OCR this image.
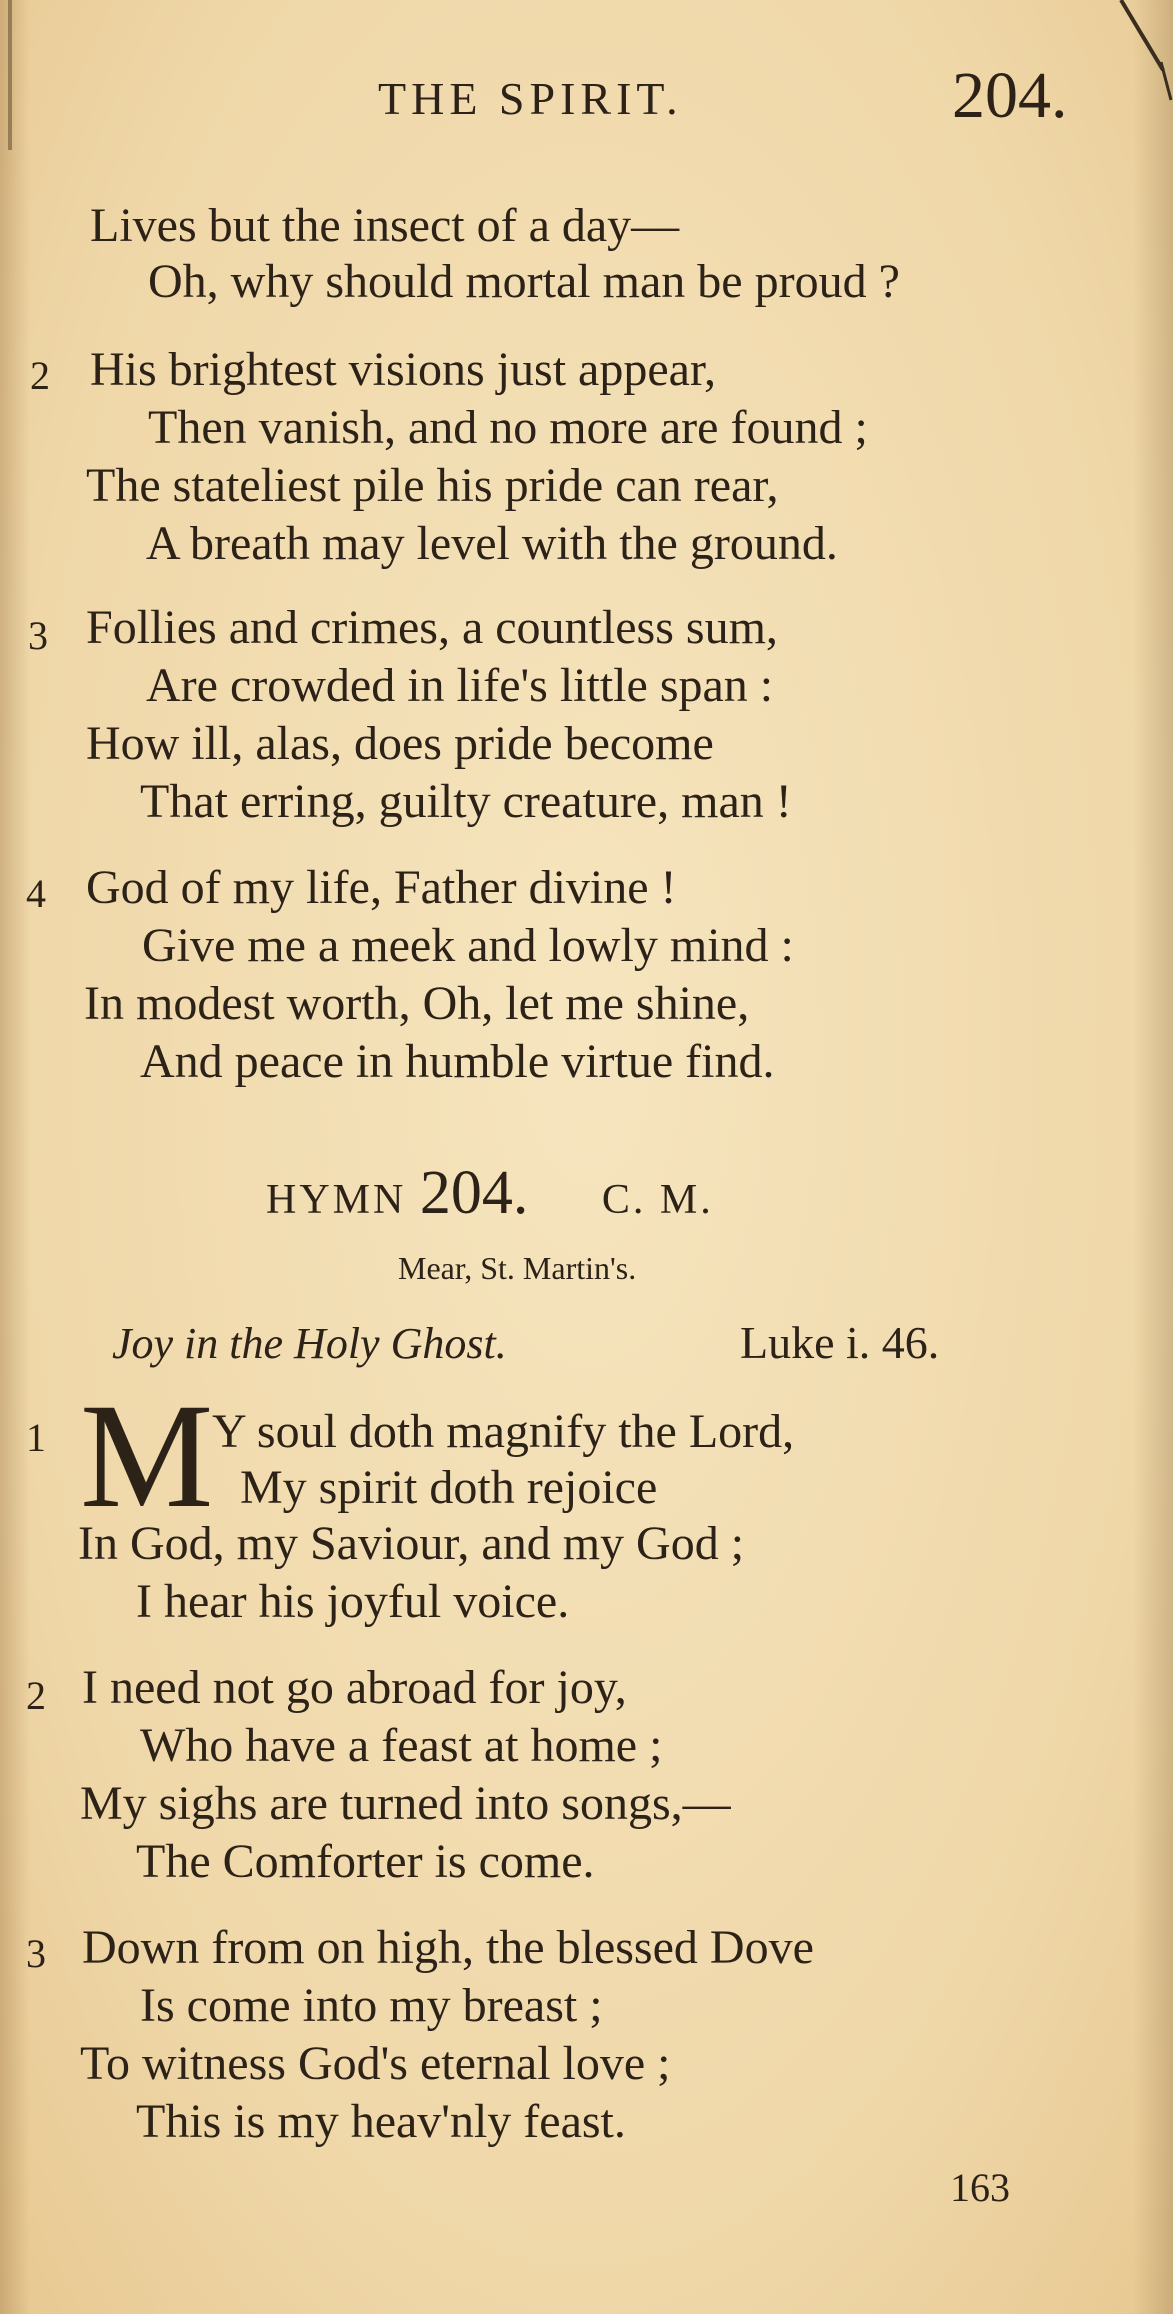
THE SPIRIT.	204.
Lives but the insect of a day—
Oh, why should mortal man be proud ?
2 His brightest visions just appear,
Then vanish, and no more are found ;
The stateliest pile his pride can rear,
A breath may level with the ground.
3 Follies and crimes, a countless sum,
Are crowded in life's little span :
How ill, alas, does pride become
That erring, guilty creature, man !
4 God of my life, Father divine !
Give me a meek and lowly mind :
In modest worth, Oh, let me shine,
And peace in humble virtue find.
HYMN 204. C. M.
Mear, St. Martin's.
Joy in the Holy Ghost.	Luke i. 46.
1 M
Y soul doth magnify the Lord,
My spirit doth rejoice
In God, my Saviour, and my God ;
I hear his joyful voice.
2 I need not go abroad for joy,
Who have a feast at home ;
My sighs are turned into songs,—
The Comforter is come.
3 Down from on high, the blessed Dove
Is come into my breast ;
To witness God's eternal love ;
This is my heav'nly feast.
163
